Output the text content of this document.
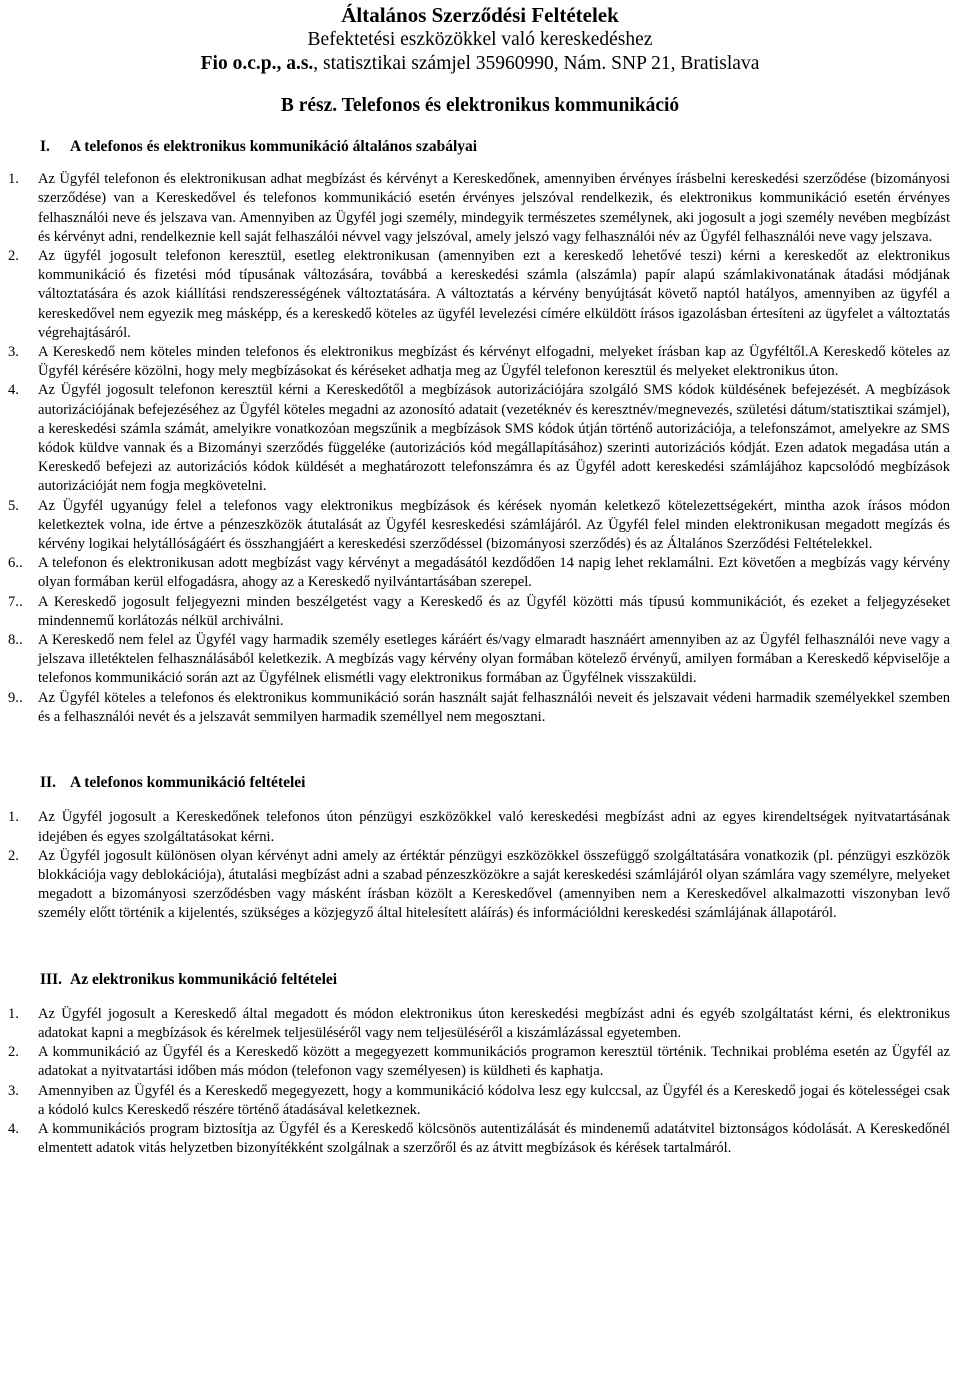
Általános Szerződési Feltételek
Befektetési eszközökkel való kereskedéshez
Fio o.c.p., a.s., statisztikai számjel 35960990, Nám. SNP 21, Bratislava
B rész. Telefonos és elektronikus kommunikáció
I.	A telefonos és elektronikus kommunikáció általános szabályai
1.	Az Ügyfél telefonon és elektronikusan adhat megbízást és kérvényt a Kereskedőnek, amennyiben érvényes írásbelni kereskedési szerződése (bizományosi szerződése) van a Kereskedővel és telefonos kommunikáció esetén érvényes jelszóval rendelkezik, és elektronikus kommunikáció esetén érvényes felhasználói neve és jelszava van. Amennyiben az Ügyfél jogi személy, mindegyik természetes személynek, aki jogosult a jogi személy nevében megbízást és kérvényt adni, rendelkeznie kell saját felhaszálói névvel vagy jelszóval, amely jelszó vagy felhasználói név az Ügyfél felhasználói neve vagy jelszava.
2.	Az ügyfél jogosult telefonon keresztül, esetleg elektronikusan (amennyiben ezt a kereskedő lehetővé teszi) kérni a kereskedőt az elektronikus kommunikáció és fizetési mód típusának változására, továbbá a kereskedési számla (alszámla) papír alapú számlakivonatának átadási módjának változtatására és azok kiállítási rendszerességének változtatására. A változtatás a kérvény benyújtását követő naptól hatályos, amennyiben az ügyfél a kereskedővel nem egyezik meg másképp, és a kereskedő köteles az ügyfél levelezési címére elküldött írásos igazolásban értesíteni az ügyfelet a változtatás végrehajtásáról.
3.	A Kereskedő nem köteles minden telefonos és elektronikus megbízást és kérvényt elfogadni, melyeket írásban kap az Ügyféltől.A Kereskedő köteles az Ügyfél kérésére közölni, hogy mely megbízásokat és kéréseket adhatja meg az Ügyfél telefonon keresztül és melyeket elektronikus úton.
4.	Az Ügyfél jogosult telefonon keresztül kérni a Kereskedőtől a megbízások autorizációjára szolgáló SMS kódok küldésének befejezését. A megbízások autorizációjának befejezéséhez az Ügyfél köteles megadni az azonosító adatait (vezetéknév és keresztnév/megnevezés, születési dátum/statisztikai számjel), a kereskedési számla számát, amelyikre vonatkozóan megszűnik a megbízások SMS kódok útján történő autorizációja, a telefonszámot, amelyekre az SMS kódok küldve vannak és a Bizományi szerződés függeléke (autorizációs kód megállapításához) szerinti autorizációs kódját. Ezen adatok megadása után a Kereskedő befejezi az autorizációs kódok küldését a meghatározott telefonszámra és az Ügyfél adott kereskedési számlájához kapcsolódó megbízások autorizációját nem fogja megkövetelni.
5.	Az Ügyfél ugyanúgy felel a telefonos vagy elektronikus megbízások és kérések nyomán keletkező kötelezettségekért, mintha azok írásos módon keletkeztek volna, ide értve a pénzeszközök átutalását az Ügyfél kesreskedési számlájáról. Az Ügyfél felel minden elektronikusan megadott megízás és kérvény logikai helytállóságáért és összhangjáért a kereskedési szerződéssel (bizományosi szerződés) és az Általános Szerződési Feltételekkel.
6..	A telefonon és elektronikusan adott megbízást vagy kérvényt a megadásától kezdődően 14 napig lehet reklamálni. Ezt követően a megbízás vagy kérvény olyan formában kerül elfogadásra, ahogy az a Kereskedő nyilvántartásában szerepel.
7..	A Kereskedő jogosult feljegyezni minden beszélgetést vagy a Kereskedő és az Ügyfél közötti más típusú kommunikációt, és ezeket a feljegyzéseket mindennemű korlátozás nélkül archiválni.
8..	A Kereskedő nem felel az Ügyfél vagy harmadik személy esetleges káráért és/vagy elmaradt hasznáért amennyiben az az Ügyfél felhasználói neve vagy a jelszava illetéktelen felhasználásából keletkezik. A megbízás vagy kérvény olyan formában kötelező érvényű, amilyen formában a Kereskedő képviselője a telefonos kommunikáció során azt az Ügyfélnek elismétli vagy elektronikus formában az Ügyfélnek visszaküldi.
9..	Az Ügyfél köteles a telefonos és elektronikus kommunikáció során használt saját felhasználói neveit és jelszavait védeni harmadik személyekkel szemben és a felhasználói nevét és a jelszavát semmilyen harmadik személlyel nem megosztani.
II. A telefonos kommunikáció feltételei
1.	Az Ügyfél jogosult a Kereskedőnek telefonos úton pénzügyi eszközökkel való kereskedési megbízást adni az egyes kirendeltségek nyitvatartásának idejében és egyes szolgáltatásokat kérni.
2.	Az Ügyfél jogosult különösen olyan kérvényt adni amely az értéktár pénzügyi eszközökkel összefüggő szolgáltatására vonatkozik (pl. pénzügyi eszközök blokkációja vagy deblokációja), átutalási megbízást adni a szabad pénzeszközökre a saját kereskedési számlájáról olyan számlára vagy személyre, melyeket megadott a bizományosi szerződésben vagy másként írásban közölt a Kereskedővel (amennyiben nem a Kereskedővel alkalmazotti viszonyban levő személy előtt történik a kijelentés, szükséges a közjegyző által hitelesített aláírás) és információldni kereskedési számlájának állapotáról.
III. Az elektronikus kommunikáció feltételei
1.	Az Ügyfél jogosult a Kereskedő által megadott és módon elektronikus úton kereskedési megbízást adni és egyéb szolgáltatást kérni, és elektronikus adatokat kapni a megbízások és kérelmek teljesüléséről vagy nem teljesüléséről a kiszámlázással egyetemben.
2.	A kommunikáció az Ügyfél és a Kereskedő között a megegyezett kommunikációs programon keresztül történik. Technikai probléma esetén az Ügyfél az adatokat a nyitvatartási időben más módon (telefonon vagy személyesen) is küldheti és kaphatja.
3.	Amennyiben az Ügyfél és a Kereskedő megegyezett, hogy a kommunikáció kódolva lesz egy kulccsal, az Ügyfél és a Kereskedő jogai és kötelességei csak a kódoló kulcs Kereskedő részére történő átadásával keletkeznek.
4.	A kommunikációs program biztosítja az Ügyfél és a Kereskedő kölcsönös autentizálását és mindenemű adatátvitel biztonságos kódolását. A Kereskedőnél elmentett adatok vitás helyzetben bizonyítékként szolgálnak a szerzőről és az átvitt megbízások és kérések tartalmáról.
